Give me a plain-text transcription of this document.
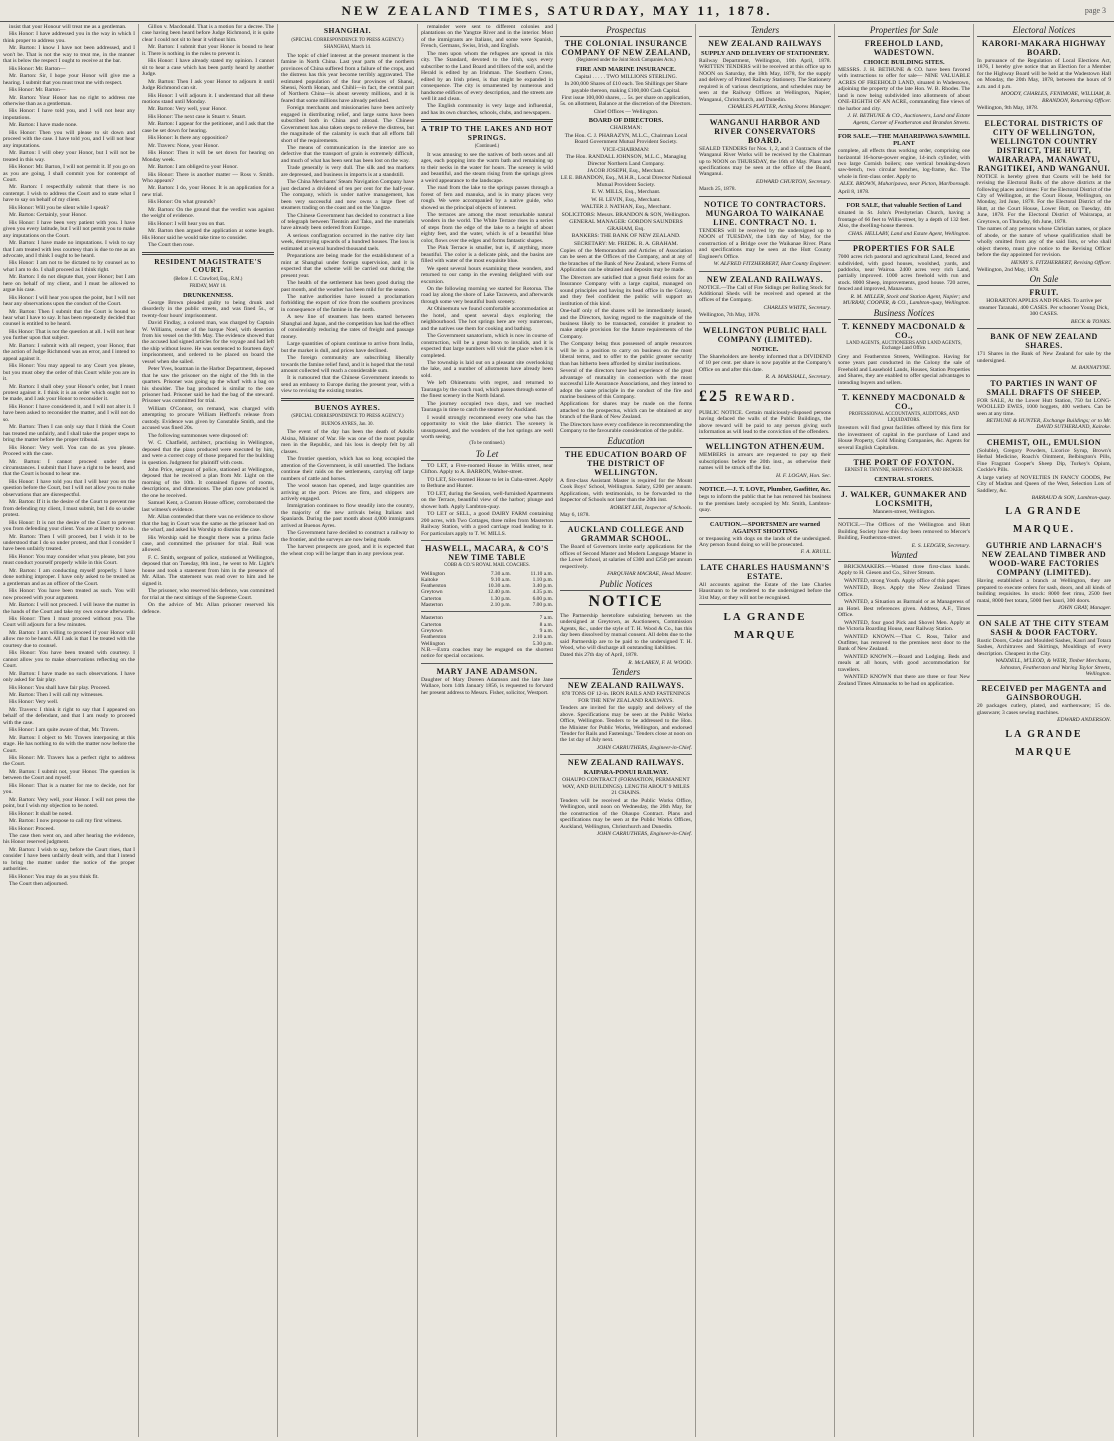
NEW ZEALAND TIMES, SATURDAY, MAY 11, 1878.	page 3

insist that your Honour will treat me as a gentleman.

His Honor: I have addressed you in the way in which I think proper to address you.

Mr. Barton: I know I have not been addressed, and I won't be. That is not the way to treat me, in the manner that is below the respect I ought to receive at the bar.

His Honor: Mr. Barton—

Mr. Barton: Sir, I hope your Honor will give me a hearing. I submit that you must treat me with respect.

His Honor: Mr. Barton—

Mr. Barton: Your Honor has no right to address me otherwise than as a gentleman.

His Honor: I have told you, and I will not hear any imputations.

Mr. Barton: I have made none.

His Honor: Then you will please to sit down and proceed with the case. I have told you, and I will not hear any imputations.

Mr. Barton: I will obey your Honor, but I will not be treated in this way.

His Honor: Mr. Barton, I will not permit it. If you go on as you are going, I shall commit you for contempt of Court.

Mr. Barton: I respectfully submit that there is no contempt. I wish to address the Court and to state what I have to say on behalf of my client.

His Honor: Will you be silent while I speak?

Mr. Barton: Certainly, your Honor.

His Honor: I have been very patient with you. I have given you every latitude, but I will not permit you to make any imputations on the Court.

Mr. Barton: I have made no imputations. I wish to say that I am treated with less courtesy than is due to me as an advocate, and I think I ought to be heard.

His Honor: I am not to be dictated to by counsel as to what I am to do. I shall proceed as I think right.

Mr. Barton: I do not dispute that, your Honor; but I am here on behalf of my client, and I must be allowed to argue his case.

His Honor: I will hear you upon the point, but I will not hear any observations upon the conduct of the Court.

Mr. Barton: Then I submit that the Court is bound to hear what I have to say. It has been repeatedly decided that counsel is entitled to be heard.

His Honor: That is not the question at all. I will not hear you further upon that subject.

Mr. Barton: I submit with all respect, your Honor, that the action of Judge Richmond was an error, and I intend to appeal against it.

His Honor: You may appeal to any Court you please, but you must obey the order of this Court while you are in it.

Mr. Barton: I shall obey your Honor's order, but I must protest against it. I think it is an order which ought not to be made, and I ask your Honor to reconsider it.

His Honor: I have considered it, and I will not alter it. I have been asked to reconsider the matter, and I will not do so.

Mr. Barton: Then I can only say that I think the Court has treated me unfairly, and I shall take the proper steps to bring the matter before the proper tribunal.

His Honor: Very well. You can do as you please. Proceed with the case.

Mr. Barton: I cannot proceed under these circumstances. I submit that I have a right to be heard, and that the Court is bound to hear me.

His Honor: I have told you that I will hear you on the question before the Court, but I will not allow you to make observations that are disrespectful.

Mr. Barton: If it is the desire of the Court to prevent me from defending my client, I must submit, but I do so under protest.

His Honor: It is not the desire of the Court to prevent you from defending your client. You are at liberty to do so.

Mr. Barton: Then I will proceed, but I wish it to be understood that I do so under protest, and that I consider I have been unfairly treated.

His Honor: You may consider what you please, but you must conduct yourself properly while in this Court.

Mr. Barton: I am conducting myself properly. I have done nothing improper. I have only asked to be treated as a gentleman and as an officer of the Court.

His Honor: You have been treated as such. You will now proceed with your argument.

Mr. Barton: I will not proceed. I will leave the matter in the hands of the Court and take my own course afterwards.

His Honor: Then I must proceed without you. The Court will adjourn for a few minutes.

Mr. Barton: I am willing to proceed if your Honor will allow me to be heard. All I ask is that I be treated with the courtesy due to counsel.

His Honor: You have been treated with courtesy. I cannot allow you to make observations reflecting on the Court.

Mr. Barton: I have made no such observations. I have only asked for fair play.

His Honor: You shall have fair play. Proceed.

Mr. Barton: Then I will call my witnesses.

His Honor: Very well.

Mr. Travers: I think it right to say that I appeared on behalf of the defendant, and that I am ready to proceed with the case.

His Honor: I am quite aware of that, Mr. Travers.

Mr. Barton: I object to Mr. Travers interposing at this stage. He has nothing to do with the matter now before the Court.

His Honor: Mr. Travers has a perfect right to address the Court.

Mr. Barton: I submit not, your Honor. The question is between the Court and myself.

His Honor: That is a matter for me to decide, not for you.

Mr. Barton: Very well, your Honor. I will not press the point, but I wish my objection to be noted.

His Honor: It shall be noted.

Mr. Barton: I now propose to call my first witness.

His Honor: Proceed.

The case then went on, and after hearing the evidence, his Honor reserved judgment.

Mr. Barton: I wish to say, before the Court rises, that I consider I have been unfairly dealt with, and that I intend to bring the matter under the notice of the proper authorities.

His Honor: You may do as you think fit.

The Court then adjourned.

Gillon v. Macdonald. That is a motion for a decree. The case having been heard before Judge Richmond, it is quite clear I could not sit to hear it without him.

Mr. Barton: I submit that your Honor is bound to hear it. There is nothing in the rules to prevent it.

His Honor: I have already stated my opinion. I cannot sit to hear a case which has been partly heard by another Judge.

Mr. Barton: Then I ask your Honor to adjourn it until Judge Richmond can sit.

His Honor: I will adjourn it. I understand that all these motions stand until Monday.

Mr. Barton: Very well, your Honor.

His Honor: The next case is Stuart v. Stuart.

Mr. Barton: I appear for the petitioner, and I ask that the case be set down for hearing.

His Honor: Is there any opposition?

Mr. Travers: None, your Honor.

His Honor: Then it will be set down for hearing on Monday week.

Mr. Barton: I am obliged to your Honor.

His Honor: There is another matter — Ross v. Smith. Who appears?

Mr. Barton: I do, your Honor. It is an application for a new trial.

His Honor: On what grounds?

Mr. Barton: On the ground that the verdict was against the weight of evidence.

His Honor: I will hear you on that.

Mr. Barton then argued the application at some length. His Honor said he would take time to consider.

The Court then rose.

RESIDENT MAGISTRATE'S COURT.
(Before J. C. Crawford, Esq., R.M.)
FRIDAY, MAY 10.
DRUNKENNESS.

George Brown pleaded guilty to being drunk and disorderly in the public streets, and was fined 5s., or twenty-four hours' imprisonment.

David Findlay, a colored man, was charged by Captain W. Williams, owner of the barque Noel, with desertion from his vessel on the 9th May. The evidence showed that the accused had signed articles for the voyage and had left the ship without leave. He was sentenced to fourteen days' imprisonment, and ordered to be placed on board the vessel when she sailed.

Peter Yves, boatman in the Harbor Department, deposed that he saw the prisoner on the night of the 9th in the quarters. Prisoner was going up the wharf with a bag on his shoulder. The bag produced is similar to the one prisoner had. Prisoner said he had the bag of the steward. Prisoner was committed for trial.

William O'Connor, on remand, was charged with attempting to procure William Hefford's release from custody. Evidence was given by Constable Smith, and the accused was fined 20s.

The following summonses were disposed of:

W. C. Chatfield, architect, practising in Wellington, deposed that the plans produced were executed by him, and were a correct copy of those prepared for the building in question. Judgment for plaintiff with costs.

John Price, sergeant of police, stationed at Wellington, deposed that he received a plan from Mr. Light on the morning of the 10th. It contained figures of rooms, descriptions, and dimensions. The plan now produced is the one he received.

Samuel Kent, a Custom House officer, corroborated the last witness's evidence.

Mr. Allan contended that there was no evidence to show that the bag in Court was the same as the prisoner had on the wharf, and asked his Worship to dismiss the case.

His Worship said he thought there was a prima facie case, and committed the prisoner for trial. Bail was allowed.

F. C. Smith, sergeant of police, stationed at Wellington, deposed that on Tuesday, 8th inst., he went to Mr. Light's house and took a statement from him in the presence of Mr. Allan. The statement was read over to him and he signed it.

The prisoner, who reserved his defence, was committed for trial at the next sittings of the Supreme Court.

On the advice of Mr. Allan prisoner reserved his defence.

SHANGHAI.
(SPECIAL CORRESPONDENCE TO PRESS AGENCY.)
SHANGHAI, March 14.

The topic of chief interest at the present moment is the famine in North China. Last year parts of the northern provinces of China suffered from a failure of the crops, and the distress has this year become terribly aggravated. The estimated population of the four provinces of Shansi, Shensi, North Honan, and Chihli—in fact, the central part of Northern China—is about seventy millions, and it is feared that some millions have already perished.

Foreign merchants and missionaries have been actively engaged in distributing relief, and large sums have been subscribed both in China and abroad. The Chinese Government has also taken steps to relieve the distress, but the magnitude of the calamity is such that all efforts fall short of the requirements.

The means of communication in the interior are so defective that the transport of grain is extremely difficult, and much of what has been sent has been lost on the way.

Trade generally is very dull. The silk and tea markets are depressed, and business in imports is at a standstill.

The China Merchants' Steam Navigation Company have just declared a dividend of ten per cent for the half-year. The company, which is under native management, has been very successful and now owns a large fleet of steamers trading on the coast and on the Yangtze.

The Chinese Government has decided to construct a line of telegraph between Tientsin and Taku, and the materials have already been ordered from Europe.

A serious conflagration occurred in the native city last week, destroying upwards of a hundred houses. The loss is estimated at several hundred thousand taels.

Preparations are being made for the establishment of a mint at Shanghai under foreign supervision, and it is expected that the scheme will be carried out during the present year.

The health of the settlement has been good during the past month, and the weather has been mild for the season.

The native authorities have issued a proclamation forbidding the export of rice from the southern provinces in consequence of the famine in the north.

A new line of steamers has been started between Shanghai and Japan, and the competition has had the effect of considerably reducing the rates of freight and passage money.

Large quantities of opium continue to arrive from India, but the market is dull, and prices have declined.

The foreign community are subscribing liberally towards the famine relief fund, and it is hoped that the total amount collected will reach a considerable sum.

It is rumoured that the Chinese Government intends to send an embassy to Europe during the present year, with a view to revising the existing treaties.

BUENOS AYRES.
(SPECIAL CORRESPONDENCE TO PRESS AGENCY.)
BUENOS AYRES, Jan. 30.

The event of the day has been the death of Adolfo Alsina, Minister of War. He was one of the most popular men in the Republic, and his loss is deeply felt by all classes.

The frontier question, which has so long occupied the attention of the Government, is still unsettled. The Indians continue their raids on the settlements, carrying off large numbers of cattle and horses.

The wool season has opened, and large quantities are arriving at the port. Prices are firm, and shippers are actively engaged.

Immigration continues to flow steadily into the country, the majority of the new arrivals being Italians and Spaniards. During the past month about 4,000 immigrants arrived at Buenos Ayres.

The Government have decided to construct a railway to the frontier, and the surveys are now being made.

The harvest prospects are good, and it is expected that the wheat crop will be larger than in any previous year.

remainder were sent to different colonies and plantations on the Yangtze River and in the interior. Most of the immigrants are Italians, and some were Spanish, French, Germans, Swiss, Irish, and English.

The men upon whom the refugees are spread in this city. The Standard, devoted to the Irish, says every subscriber to the Land Board and tillers of the soil, and the Herald is edited by an Irishman. The Southern Cross, edited by an Irish priest, is that might be expanded in consequence. The city is ornamented by numerous and handsome edifices of every description, and the streets are well lit and clean.

The English community is very large and influential, and has its own churches, schools, clubs, and newspapers.

A TRIP TO THE LAKES AND HOT SPRINGS.
(Continued.)

It was amusing to see the natives of both sexes and all ages, each popping into the warm bath and remaining up to their necks in the water for hours. The scenery is wild and beautiful, and the steam rising from the springs gives a weird appearance to the landscape.

The road from the lake to the springs passes through a forest of fern and manuka, and is in many places very rough. We were accompanied by a native guide, who showed us the principal objects of interest.

The terraces are among the most remarkable natural wonders in the world. The White Terrace rises in a series of steps from the edge of the lake to a height of about eighty feet, and the water, which is of a beautiful blue color, flows over the edges and forms fantastic shapes.

The Pink Terrace is smaller, but is, if anything, more beautiful. The color is a delicate pink, and the basins are filled with water of the most exquisite blue.

We spent several hours examining these wonders, and returned to our camp in the evening delighted with our excursion.

On the following morning we started for Rotorua. The road lay along the shore of Lake Tarawera, and afterwards through some very beautiful bush scenery.

At Ohinemutu we found comfortable accommodation at the hotel, and spent several days exploring the neighbourhood. The hot springs here are very numerous, and the natives use them for cooking and bathing.

The Government sanatorium, which is now in course of construction, will be a great boon to invalids, and it is expected that large numbers will visit the place when it is completed.

The township is laid out on a pleasant site overlooking the lake, and a number of allotments have already been sold.

We left Ohinemutu with regret, and returned to Tauranga by the coach road, which passes through some of the finest scenery in the North Island.

The journey occupied two days, and we reached Tauranga in time to catch the steamer for Auckland.

I would strongly recommend every one who has the opportunity to visit the lake district. The scenery is unsurpassed, and the wonders of the hot springs are well worth seeing.

(To be continued.)
To Let

TO LET, a Five-roomed House in Willis street, near Clifton. Apply to A. BARRON, Walter-street.

TO LET, Six-roomed House to let in Cuba-street. Apply to Bethune and Hunter.

TO LET, during the Session, well-furnished Apartments on the Terrace, beautiful view of the harbor; plunge and shower bath. Apply Lambton-quay.

TO LET or SELL, a good DAIRY FARM containing 200 acres, with Two Cottages, three miles from Masterton Railway Station, with a good carriage road leading to it. For particulars apply to T. W. MILLS.

HASWELL, MACARA, & CO'S NEW TIME TABLE
COBB & CO.'S ROYAL MAIL COACHES.
Wellington	7.30 a.m.	11.10 a.m.
Kaitoke	9.10 a.m.	1.10 p.m.
Featherston	10.30 a.m.	3.40 p.m.
Greytown	12.40 p.m.	4.35 p.m.
Carterton	1.30 p.m.	6.00 p.m.
Masterton	2.10 p.m.	7.00 p.m.
Masterton	7 a.m.	
Carterton	8 a.m.	
Greytown	9 a.m.	
Featherston	2.10 a.m.	
Wellington	5.30 p.m.	

N.B.—Extra coaches may be engaged on the shortest notice for special occasions.

MARY JANE ADAMSON.

Daughter of Mary Doreen Adamson and the late Jane Wallace, born 14th January 1856, is requested to forward her present address to Messrs. Fisher, solicitor, Westport.

Prospectus
THE COLONIAL INSURANCE COMPANY OF NEW ZEALAND,
(Registered under the Joint Stock Companies Acts.)
FIRE AND MARINE INSURANCE.

Capital . . . . . TWO MILLIONS STERLING.

In 200,000 Shares of £10 each. Ten Shillings per Share payable thereon, making £100,000 Cash Capital.

First issue 100,000 shares, ... 5s. per share on application, 5s. on allotment, Balance at the discretion of the Directors.

Chief Offices — Wellington.

BOARD OF DIRECTORS.

CHAIRMAN:

The Hon. C. J. PHARAZYN, M.L.C., Chairman Local Board Government Mutual Provident Society.

VICE-CHAIRMAN:

The Hon. RANDALL JOHNSON, M.L.C., Managing Director Northern Land Company.

JACOB JOSEPH, Esq., Merchant.

LE E. BRANDON, Esq., M.H.R., Local Director National Mutual Provident Society.

E. W. MILLS, Esq., Merchant.

W. H. LEVIN, Esq., Merchant.

WALTER J. NATHAN, Esq., Merchant.

SOLICITORS: Messrs. BRANDON & SON, Wellington.

GENERAL MANAGER: GORDON SAUNDERS GRAHAM, Esq.

BANKERS: THE BANK OF NEW ZEALAND.

SECRETARY: Mr. FREDK. R. A. GRAHAM.

Copies of the Memorandum and Articles of Association can be seen at the Offices of the Company, and at any of the branches of the Bank of New Zealand, where Forms of Application can be obtained and deposits may be made.

The Directors are satisfied that a great field exists for an Insurance Company with a large capital, managed on sound principles and having its head office in the Colony, and they feel confident the public will support an institution of this kind.

One-half only of the shares will be immediately issued, and the Directors, having regard to the magnitude of the business likely to be transacted, consider it prudent to make ample provision for the future requirements of the Company.

The Company being thus possessed of ample resources will be in a position to carry on business on the most liberal terms, and to offer to the public greater security than has hitherto been afforded by similar institutions.

Several of the directors have had experience of the great advantage of mutuality in connection with the most successful Life Assurance Associations, and they intend to adopt the same principle in the conduct of the fire and marine business of this Company.

Applications for shares may be made on the forms attached to the prospectus, which can be obtained at any branch of the Bank of New Zealand.

The Directors have every confidence in recommending the Company to the favourable consideration of the public.

Education
THE EDUCATION BOARD OF THE DISTRICT OF WELLINGTON.

A first-class Assistant Master is required for the Mount Cook Boys' School, Wellington. Salary, £200 per annum. Applications, with testimonials, to be forwarded to the Inspector of Schools not later than the 20th inst.

ROBERT LEE, Inspector of Schools.

May 6, 1878.

AUCKLAND COLLEGE AND GRAMMAR SCHOOL.

The Board of Governors invite early applications for the offices of Second Master and Modern Language Master in the Lower School, at salaries of £300 and £250 per annum respectively.

FARQUHAR MACRAE, Head Master.

Public Notices
NOTICE

The Partnership heretofore subsisting between us the undersigned at Greytown, as Auctioneers, Commission Agents, &c., under the style of T. H. Wood & Co., has this day been dissolved by mutual consent. All debts due to the said Partnership are to be paid to the undersigned T. H. Wood, who will discharge all outstanding liabilities.

Dated this 27th day of April, 1878.

R. McLAREN, F. H. WOOD.

Tenders
NEW ZEALAND RAILWAYS.

878 TONS OF 12-in. IRON RAILS AND FASTENINGS FOR THE NEW ZEALAND RAILWAYS.

Tenders are invited for the supply and delivery of the above. Specifications may be seen at the Public Works Office, Wellington. Tenders to be addressed to the Hon. the Minister for Public Works, Wellington, and endorsed 'Tender for Rails and Fastenings.' Tenders close at noon on the 1st day of July next.

JOHN CARRUTHERS, Engineer-in-Chief.

NEW ZEALAND RAILWAYS.
KAIPARA-PONUI RAILWAY.

OHAUPO CONTRACT (FORMATION, PERMANENT WAY, AND BUILDINGS). LENGTH ABOUT 9 MILES 21 CHAINS.

Tenders will be received at the Public Works Office, Wellington, until noon on Wednesday, the 26th May, for the construction of the Ohaupo Contract. Plans and specifications may be seen at the Public Works Offices, Auckland, Wellington, Christchurch and Dunedin.

JOHN CARRUTHERS, Engineer-in-Chief.

Tenders
NEW ZEALAND RAILWAYS
SUPPLY AND DELIVERY OF STATIONERY.

Railway Department, Wellington, 10th April, 1878. WRITTEN TENDERS will be received at this office up to NOON on Saturday, the 18th May, 1878, for the supply and delivery of Printed Railway Stationery. The Stationery required is of various descriptions, and schedules may be seen at the Railway Offices at Wellington, Napier, Wanganui, Christchurch, and Dunedin.

CHARLES PLAYTER, Acting Stores Manager.

WANGANUI HARBOR AND RIVER CONSERVATORS BOARD.

SEALED TENDERS for Nos. 1, 2, and 3 Contracts of the Wanganui River Works will be received by the Chairman up to NOON on THURSDAY, the 16th of May. Plans and specifications may be seen at the office of the Board, Wanganui.

EDWARD CHURTON, Secretary.

March 25, 1878.

NOTICE TO CONTRACTORS. MUNGAROA TO WAIKANAE LINE. CONTRACT NO. 1.

TENDERS will be received by the undersigned up to NOON of TUESDAY, the 14th day of May, for the construction of a Bridge over the Waikanae River. Plans and specifications may be seen at the Hutt County Engineer's Office.

W. ALFRED FITZHERBERT, Hutt County Engineer.

NEW ZEALAND RAILWAYS.

NOTICE.—The Call of Fire Sidings per Rolling Stock for Additional Sheds will be received and opened at the offices of the Company.

CHARLES WHITE, Secretary.

Wellington, 7th May, 1878.

WELLINGTON PUBLIC HALL COMPANY (LIMITED).
NOTICE.

The Shareholders are hereby informed that a DIVIDEND of 10 per cent. per share is now payable at the Company's Office on and after this date.

R. A. MARSHALL, Secretary.

£25 REWARD.

PUBLIC NOTICE. Certain maliciously-disposed persons having defaced the walls of the Public Buildings, the above reward will be paid to any person giving such information as will lead to the conviction of the offenders.

WELLINGTON ATHENÆUM.

MEMBERS in arrears are requested to pay up their subscriptions before the 20th inst., as otherwise their names will be struck off the list.

H. F. LOGAN, Hon. Sec.

NOTICE.—J. T. LOVE, Plumber, Gasfitter, &c.

begs to inform the public that he has removed his business to the premises lately occupied by Mr. Smith, Lambton-quay.

CAUTION.—SPORTSMEN are warned AGAINST SHOOTING

or trespassing with dogs on the lands of the undersigned. Any person found doing so will be prosecuted.

F. A. KRULL.

LATE CHARLES HAUSMANN'S ESTATE.

All accounts against the Estate of the late Charles Hausmann to be rendered to the undersigned before the 31st May, or they will not be recognised.

LA GRANDE MARQUE
Properties for Sale
FREEHOLD LAND, WADESTOWN.
CHOICE BUILDING SITES.

MESSRS. J. H. BETHUNE & CO. have been favored with instructions to offer for sale— NINE VALUABLE ACRES OF FREEHOLD LAND, situated in Wadestown, adjoining the property of the late Hon. W. B. Rhodes. The land is now being subdivided into allotments of about ONE-EIGHTH OF AN ACRE, commanding fine views of the harbor and city.

J. H. BETHUNE & CO., Auctioneers, Land and Estate Agents, Corner of Featherston and Brandon Streets.

FOR SALE.—THE MAHARIPAWA SAWMILL PLANT

complete, all effects thus working order, comprising one horizontal 16-horse-power engine, 14-inch cylinder, with two large Cornish boilers; one vertical breaking-down saw-bench, two circular benches, log-frame, &c. The whole in first-class order. Apply to

ALEX. BROWN, Maharipawa, near Picton, Marlborough.

April 8, 1878.

FOR SALE, that valuable Section of Land

situated in St. John's Presbyterian Church, having a frontage of 66 feet to Willis-street, by a depth of 132 feet. Also, the dwelling-house thereon.

CHAS. HELLABY, Land and Estate Agent, Wellington.

PROPERTIES FOR SALE

7000 acres rich pastoral and agricultural Land, fenced and subdivided, with good houses, woolshed, yards, and paddocks, near Wairoa. 2400 acres very rich Land, partially improved. 1000 acres freehold with run and stock. 8000 Sheep, improvements, good house. 720 acres, fenced and improved, Manawatu.

R. M. MILLER, Stock and Station Agent, Napier; and MURRAY, COOPER, & CO., Lambton-quay, Wellington.

Business Notices
T. KENNEDY MACDONALD & CO.,
LAND AGENTS, AUCTIONEERS AND LAND AGENTS, Exchange Land Office.

Grey and Featherston Streets, Wellington. Having for some years past conducted in the Colony the sale of Freehold and Leasehold Lands, Houses, Station Properties and Shares, they are enabled to offer special advantages to intending buyers and sellers.

T. KENNEDY MACDONALD & CO.,
PROFESSIONAL ACCOUNTANTS, AUDITORS, AND LIQUIDATORS.

Investors will find great facilities offered by this firm for the investment of capital in the purchase of Land and House Property, Gold Mining Companies, &c. Agents for several English Capitalists.

THE PORT OF FOXTON.
ERNEST B. THYNNE, SHIPPING AGENT AND BROKER.
CENTRAL STORES.
J. WALKER, GUNMAKER AND LOCKSMITH,

Manners-street, Wellington.

NOTICE.—The Offices of the Wellington and Hutt Building Society have this day been removed to Mercer's Building, Featherston-street.

E. S. LEDGER, Secretary.

Wanted

BRICKMAKERS.—Wanted three first-class hands. Apply to H. Giesen and Co., Silver Stream.

WANTED, strong Youth. Apply office of this paper.

WANTED, Boys. Apply the New Zealand Times Office.

WANTED, a Situation as Barmaid or as Manageress of an Hotel. Best references given. Address, A.F., Times Office.

WANTED, four good Pick and Shovel Men. Apply at the Victoria Boarding House, near Railway Station.

WANTED KNOWN.—That C. Ross, Tailor and Outfitter, has removed to the premises next door to the Bank of New Zealand.

WANTED KNOWN.—Board and Lodging. Beds and meals at all hours, with good accommodation for travellers.

WANTED KNOWN that there are three or four New Zealand Times Almanacks to be had on application.

Electoral Notices
KARORI-MAKARA HIGHWAY BOARD.

In pursuance of the Regulation of Local Elections Act, 1876, I hereby give notice that an Election for a Member for the Highway Board will be held at the Wadestown Hall on Monday, the 20th May, 1878, between the hours of 9 a.m. and 4 p.m.

MOODY, CHARLES, FENIMORE, WILLIAM, B. BRANDON, Returning Officer.

Wellington, 9th May, 1878.

ELECTORAL DISTRICTS OF CITY OF WELLINGTON, WELLINGTON COUNTRY DISTRICT, THE HUTT, WAIRARAPA, MANAWATU, RANGITIKEI, AND WANGANUI.

NOTICE is hereby given that Courts will be held for revising the Electoral Rolls of the above districts at the following places and times: For the Electoral District of the City of Wellington, at the Court House, Wellington, on Monday, 3rd June, 1878. For the Electoral District of the Hutt, at the Court House, Lower Hutt, on Tuesday, 4th June, 1878. For the Electoral District of Wairarapa, at Greytown, on Thursday, 6th June, 1878.

The names of any persons whose Christian names, or place of abode, or the nature of whose qualification shall be wholly omitted from any of the said lists, or who shall object thereto, must give notice to the Revising Officer before the day appointed for revision.

HENRY S. FITZHERBERT, Revising Officer.

Wellington, 2nd May, 1878.

On Sale
FRUIT.

HOBARTON APPLES AND PEARS. To arrive per steamer Taranaki, 400 CASES. Per schooner Young Dick, 300 CASES.

BECK & TONKS.

BANK OF NEW ZEALAND SHARES.

171 Shares in the Bank of New Zealand for sale by the undersigned.

M. BANNATYNE.

TO PARTIES IN WANT OF SMALL DRAFTS OF SHEEP.

FOR SALE, At the Lower Hutt Station, 750 fat LONG-WOOLLED EWES, 1000 hoggets, 400 wethers. Can be seen at any time.

BETHUNE & HUNTER, Exchange Buildings; or to Mr. DAVID SUTHERLAND, Kaitoke.

CHEMIST, OIL, EMULSION

(Soluble), Gregory Powders, Licorice Syrup, Brown's Herbal Medicine, Roach's Ointment, Belbington's Pills, Fine Fragrant Cooper's Sheep Dip, Turkey's Opium, Cockle's Pills.

A large variety of NOVELTIES IN FANCY GOODS, Per City of Madras and Queen of the West, Selection Lots of Saddlery, &c.

BARRAUD & SON, Lambton-quay.

LA GRANDE MARQUE.
GUTHRIE AND LARNACH'S NEW ZEALAND TIMBER AND WOOD-WARE FACTORIES COMPANY (LIMITED).

Having established a branch at Wellington, they are prepared to execute orders for sash, doors, and all kinds of building requisites. In stock: 8000 feet rimu, 2500 feet matai, 8000 feet totara, 5000 feet kauri, 300 doors.

JOHN GRAY, Manager.

ON SALE AT THE CITY STEAM SASH & DOOR FACTORY.

Rustic Doors, Cedar and Moulded Sashes, Kauri and Totara Sashes, Architraves and Skirtings, Mouldings of every description. Cheapest in the City.

WADDELL, M'LEOD, & WEIR, Timber Merchants, Johnston, Featherston and Waring Taylor Streets, Wellington.

RECEIVED per MAGENTA and GAINSBOROUGH.

20 packages cutlery, plated, and earthenware; 15 do. glassware; 3 cases sewing machines.

EDWARD ANDERSON.

LA GRANDE MARQUE
